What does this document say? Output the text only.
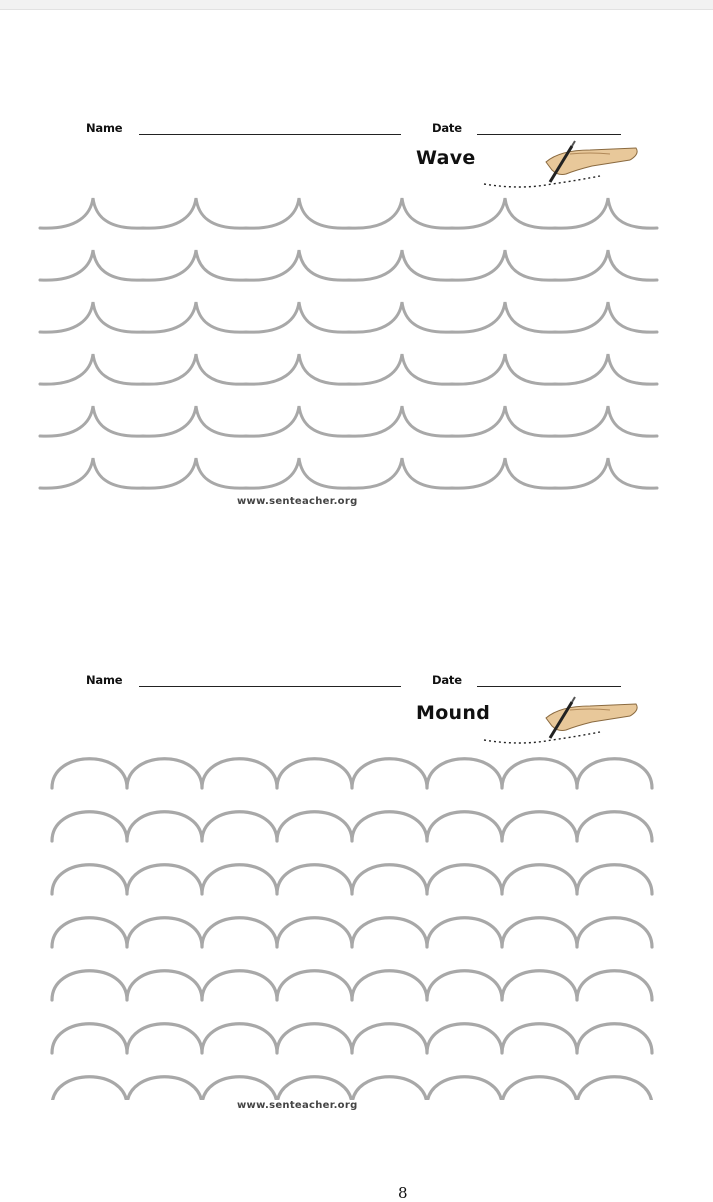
Name	Date
Wave
www.senteacher.org
Name	Date
Mound
www.senteacher.org
8
